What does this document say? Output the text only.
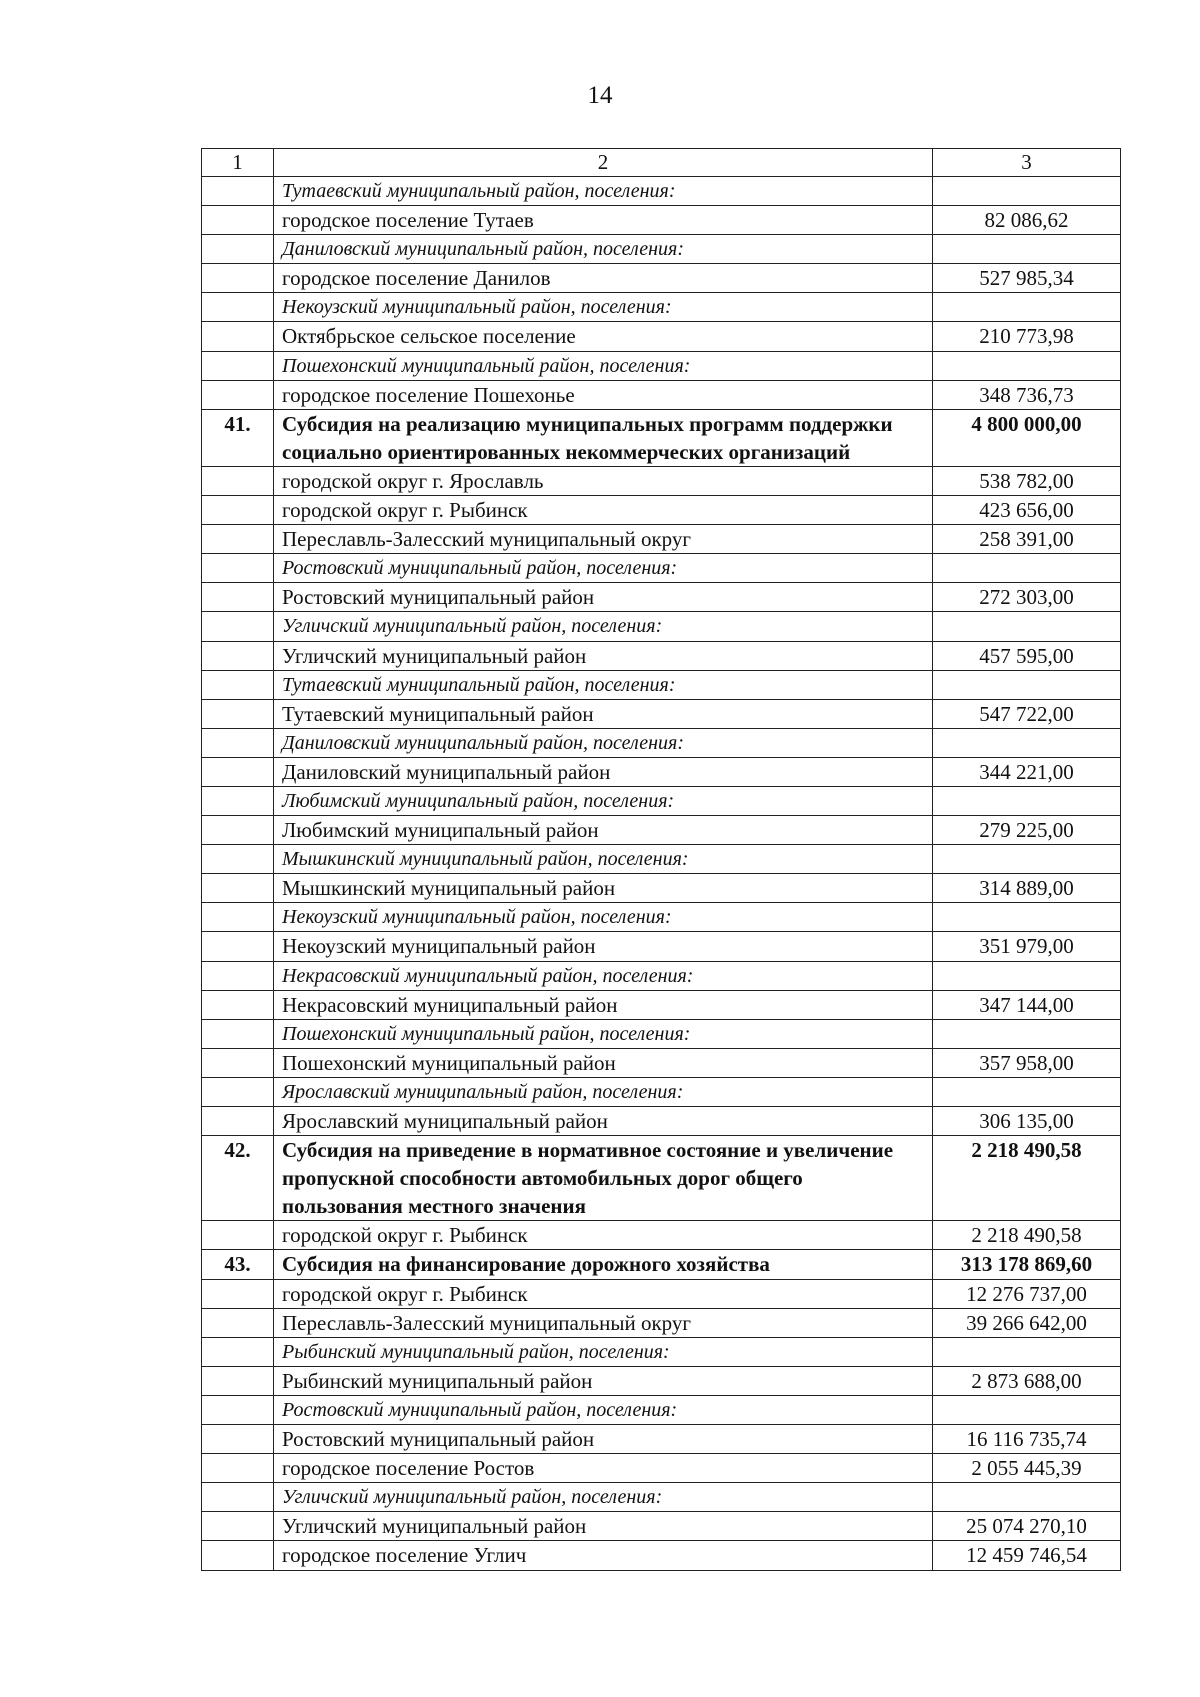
14
1	2	3
	Тутаевский муниципальный район, поселения:	
	городское поселение Тутаев	82 086,62
	Даниловский муниципальный район, поселения:	
	городское поселение Данилов	527 985,34
	Некоузский муниципальный район, поселения:	
	Октябрьское сельское поселение	210 773,98
	Пошехонский муниципальный район, поселения:	
	городское поселение Пошехонье	348 736,73
41.	Субсидия на реализацию муниципальных программ поддержки социально ориентированных некоммерческих организаций	4 800 000,00
	городской округ г. Ярославль	538 782,00
	городской округ г. Рыбинск	423 656,00
	Переславль-Залесский муниципальный округ	258 391,00
	Ростовский муниципальный район, поселения:	
	Ростовский муниципальный район	272 303,00
	Угличский муниципальный район, поселения:	
	Угличский муниципальный район	457 595,00
	Тутаевский муниципальный район, поселения:	
	Тутаевский муниципальный район	547 722,00
	Даниловский муниципальный район, поселения:	
	Даниловский муниципальный район	344 221,00
	Любимский муниципальный район, поселения:	
	Любимский муниципальный район	279 225,00
	Мышкинский муниципальный район, поселения:	
	Мышкинский муниципальный район	314 889,00
	Некоузский муниципальный район, поселения:	
	Некоузский муниципальный район	351 979,00
	Некрасовский муниципальный район, поселения:	
	Некрасовский муниципальный район	347 144,00
	Пошехонский муниципальный район, поселения:	
	Пошехонский муниципальный район	357 958,00
	Ярославский муниципальный район, поселения:	
	Ярославский муниципальный район	306 135,00
42.	Субсидия на приведение в нормативное состояние и увеличение пропускной способности автомобильных дорог общего пользования местного значения	2 218 490,58
	городской округ г. Рыбинск	2 218 490,58
43.	Субсидия на финансирование дорожного хозяйства	313 178 869,60
	городской округ г. Рыбинск	12 276 737,00
	Переславль-Залесский муниципальный округ	39 266 642,00
	Рыбинский муниципальный район, поселения:	
	Рыбинский муниципальный район	2 873 688,00
	Ростовский муниципальный район, поселения:	
	Ростовский муниципальный район	16 116 735,74
	городское поселение Ростов	2 055 445,39
	Угличский муниципальный район, поселения:	
	Угличский муниципальный район	25 074 270,10
	городское поселение Углич	12 459 746,54
